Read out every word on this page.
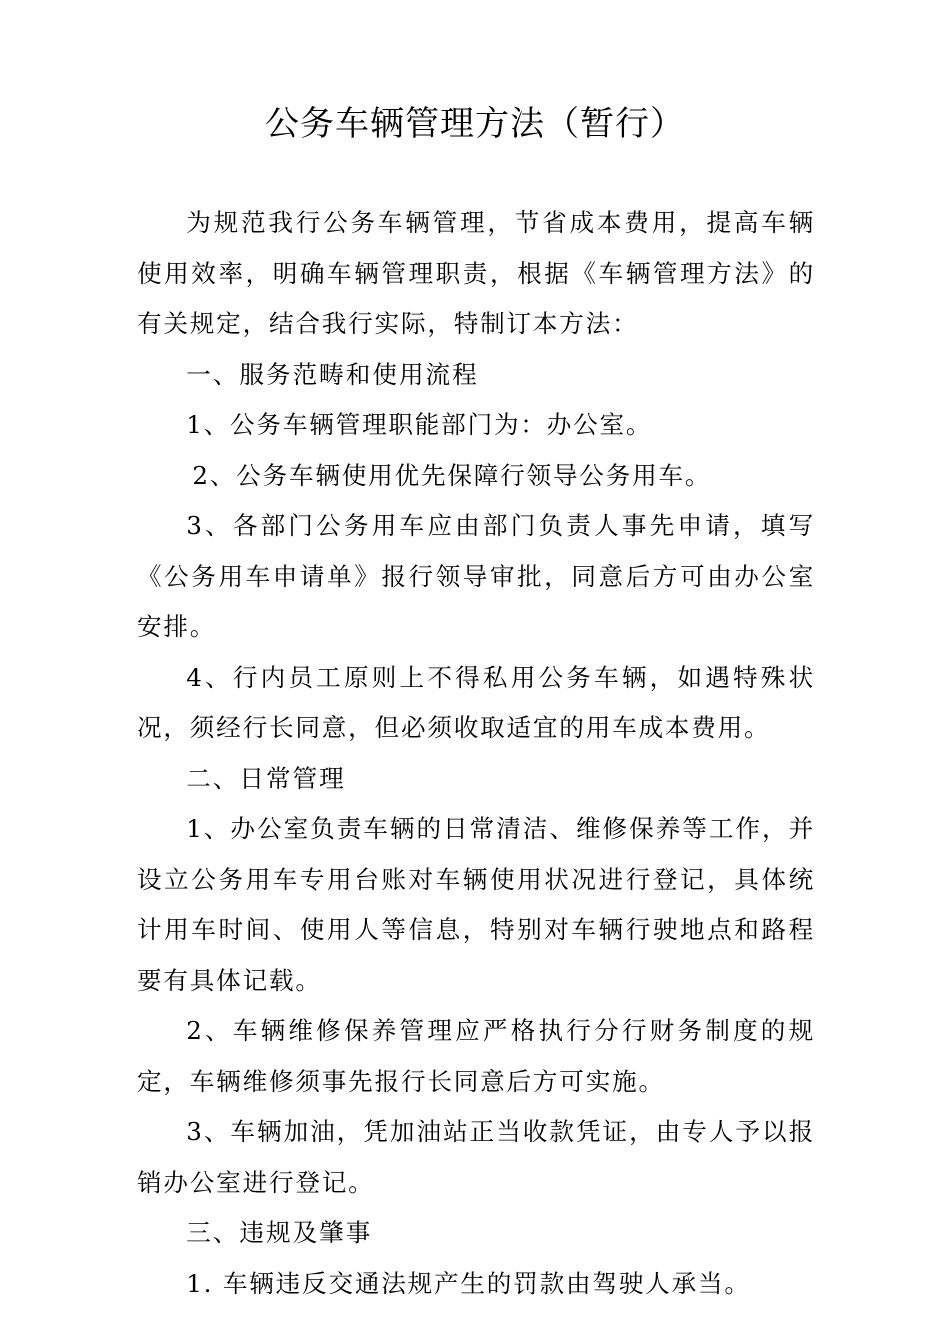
公务车辆管理方法（暂行）

为规范我行公务车辆管理，节省成本费用，提高车辆使用效率，明确车辆管理职责，根据《车辆管理方法》的有关规定，结合我行实际，特制订本方法：

一、服务范畴和使用流程

1、公务车辆管理职能部门为：办公室。

2、公务车辆使用优先保障行领导公务用车。

3、各部门公务用车应由部门负责人事先申请，填写《公务用车申请单》报行领导审批，同意后方可由办公室安排。

4、行内员工原则上不得私用公务车辆，如遇特殊状况，须经行长同意，但必须收取适宜的用车成本费用。

二、日常管理

1、办公室负责车辆的日常清洁、维修保养等工作，并设立公务用车专用台账对车辆使用状况进行登记，具体统计用车时间、使用人等信息，特别对车辆行驶地点和路程要有具体记载。

2、车辆维修保养管理应严格执行分行财务制度的规定，车辆维修须事先报行长同意后方可实施。

3、车辆加油，凭加油站正当收款凭证，由专人予以报销办公室进行登记。

三、违规及肇事

1. 车辆违反交通法规产生的罚款由驾驶人承当。
